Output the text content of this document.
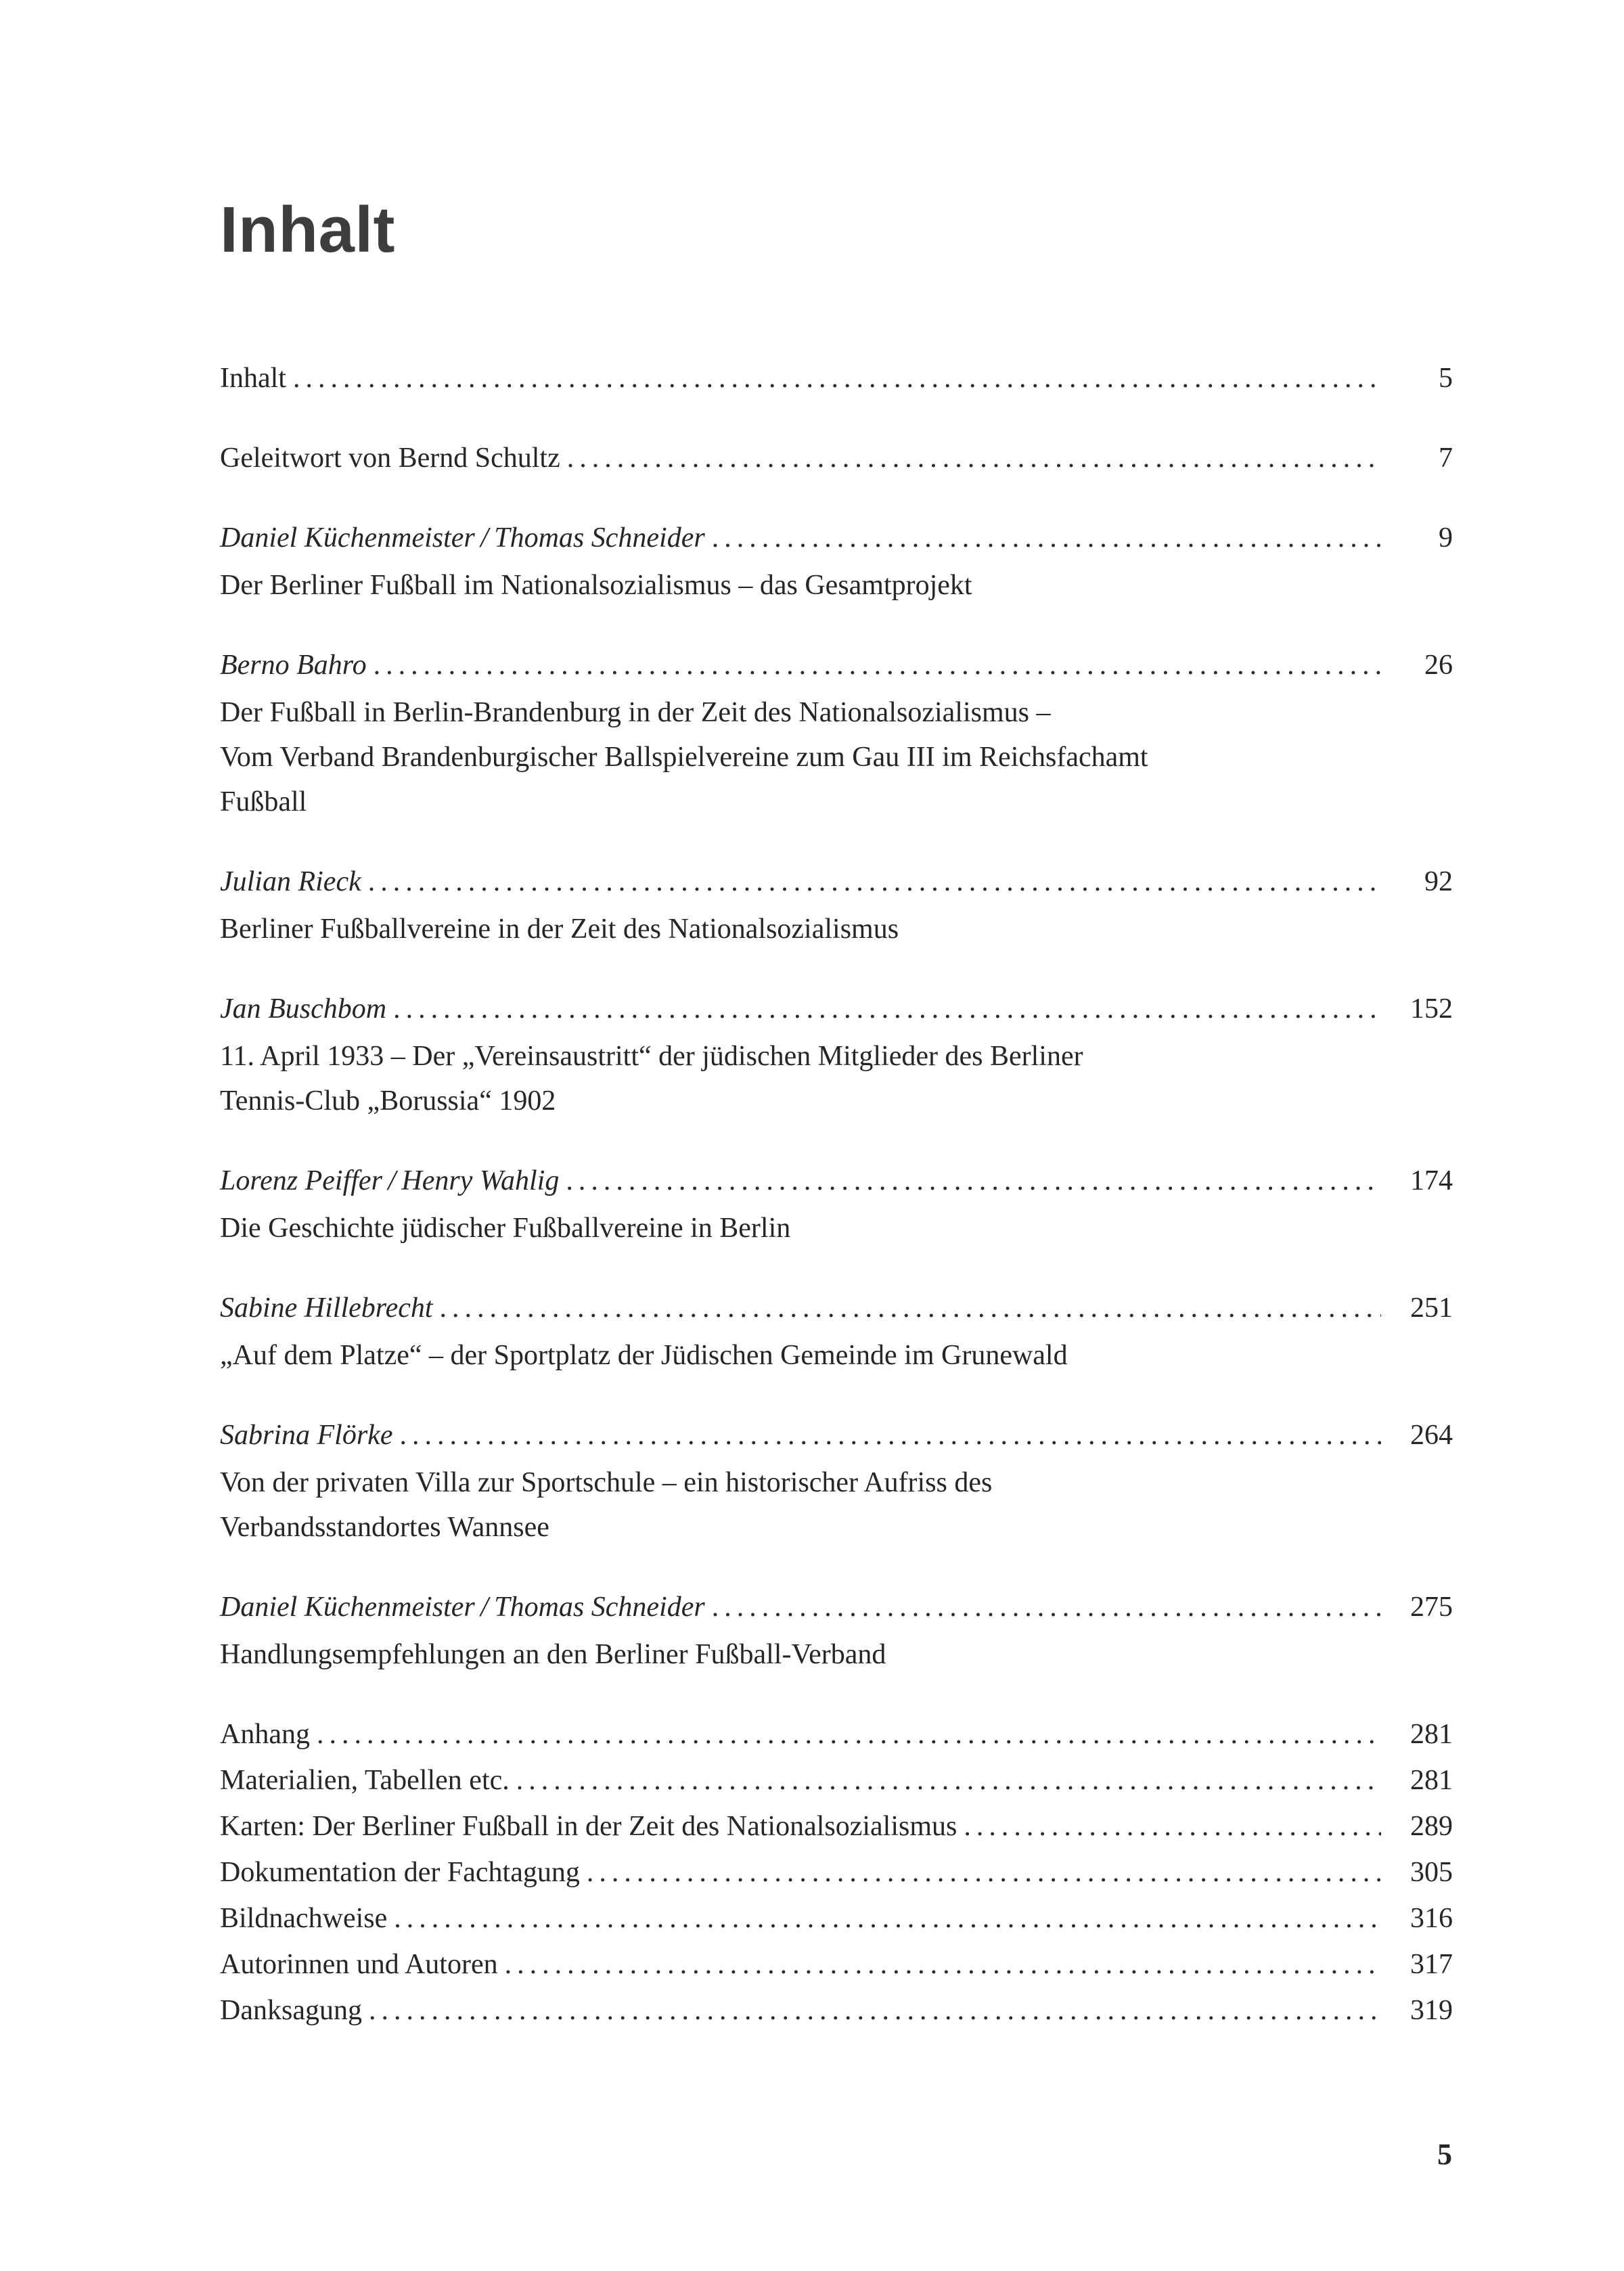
Inhalt
Inhalt .....	5
Geleitwort von Bernd Schultz .....	7
Daniel Küchenmeister / Thomas Schneider .....	9
Der Berliner Fußball im Nationalsozialismus – das Gesamtprojekt
Berno Bahro .....	26
Der Fußball in Berlin-Brandenburg in der Zeit des Nationalsozialismus –
Vom Verband Brandenburgischer Ballspielvereine zum Gau III im Reichsfachamt
Fußball
Julian Rieck .....	92
Berliner Fußballvereine in der Zeit des Nationalsozialismus
Jan Buschbom .....	152
11. April 1933 – Der „Vereinsaustritt“ der jüdischen Mitglieder des Berliner
Tennis-Club „Borussia“ 1902
Lorenz Peiffer / Henry Wahlig .....	174
Die Geschichte jüdischer Fußballvereine in Berlin
Sabine Hillebrecht .....	251
„Auf dem Platze“ – der Sportplatz der Jüdischen Gemeinde im Grunewald
Sabrina Flörke .....	264
Von der privaten Villa zur Sportschule – ein historischer Aufriss des
Verbandsstandortes Wannsee
Daniel Küchenmeister / Thomas Schneider .....	275
Handlungsempfehlungen an den Berliner Fußball-Verband
Anhang .....	281
Materialien, Tabellen etc. .....	281
Karten: Der Berliner Fußball in der Zeit des Nationalsozialismus .....	289
Dokumentation der Fachtagung .....	305
Bildnachweise .....	316
Autorinnen und Autoren .....	317
Danksagung .....	319
5
